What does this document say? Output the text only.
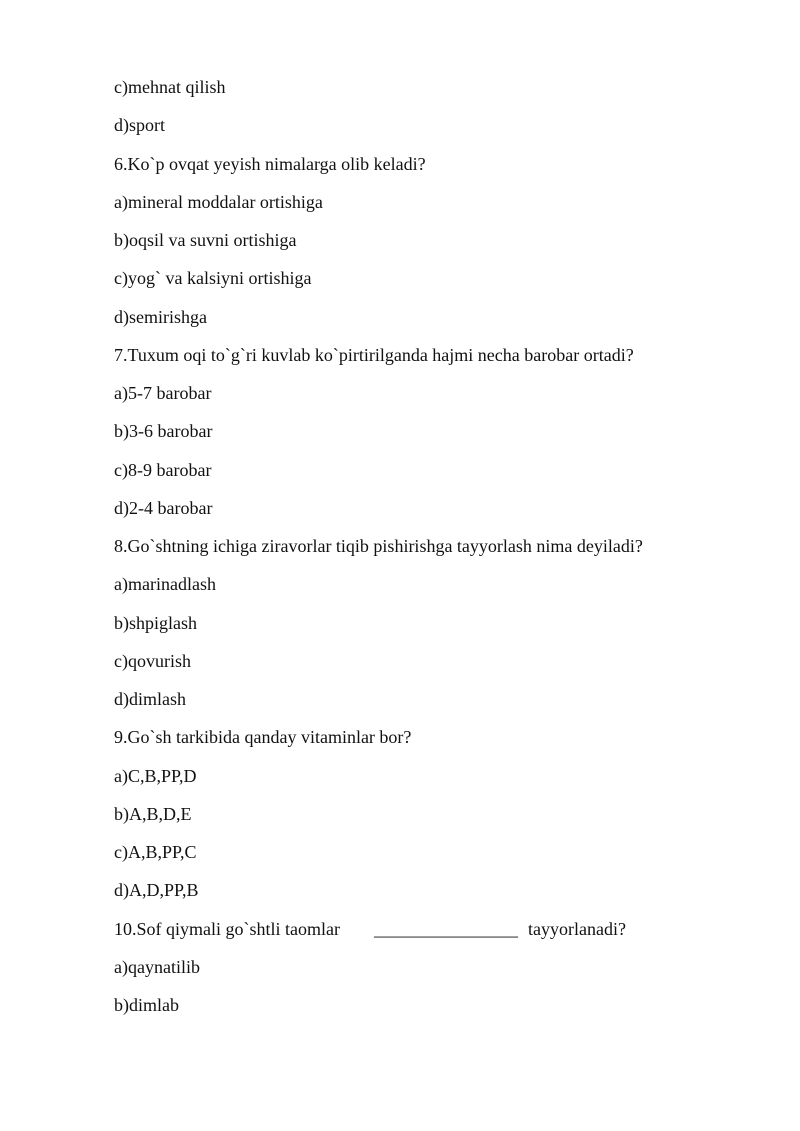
c)mehnat qilish
d)sport
6.Ko`p ovqat yeyish nimalarga olib keladi?
a)mineral moddalar ortishiga
b)oqsil va suvni ortishiga
c)yog` va kalsiyni ortishiga
d)semirishga
7.Tuxum oqi to`g`ri kuvlab ko`pirtirilganda hajmi necha barobar ortadi?
a)5-7 barobar
b)3-6 barobar
c)8-9 barobar
d)2-4 barobar
8.Go`shtning ichiga ziravorlar tiqib pishirishga tayyorlash nima deyiladi?
a)marinadlash
b)shpiglash
c)qovurish
d)dimlash
9.Go`sh tarkibida qanday vitaminlar bor?
a)C,B,PP,D
b)A,B,D,E
c)A,B,PP,C
d)A,D,PP,B
10.Sof qiymali go`shtli taomlar ________________ tayyorlanadi?
a)qaynatilib
b)dimlab
